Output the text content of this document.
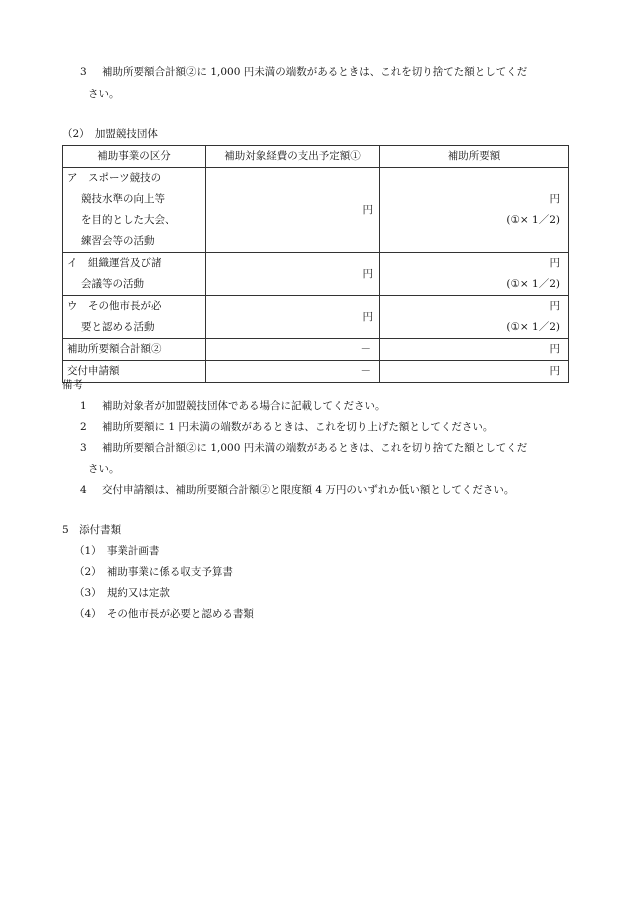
3 補助所要額合計額②に 1,000 円未満の端数があるときは、これを切り捨てた額としてくだ
さい。
（2）　加盟競技団体
補助事業の区分	補助対象経費の支出予定額①	補助所要額

ア　スポーツ競技の
競技水準の向上等
を目的とした大会、
練習会等の活動	円	円
(①× 1／2)

イ　組織運営及び諸
会議等の活動	円	円
(①× 1／2)

ウ　その他市長が必
要と認める活動	円	円
(①× 1／2)

補助所要額合計額②	－	円
交付申請額	－	円
備考
1 補助対象者が加盟競技団体である場合に記載してください。
2 補助所要額に 1 円未満の端数があるときは、これを切り上げた額としてください。
3 補助所要額合計額②に 1,000 円未満の端数があるときは、これを切り捨てた額としてくだ
さい。
4 交付申請額は、補助所要額合計額②と限度額 4 万円のいずれか低い額としてください。
5　添付書類
（1）　事業計画書
（2）　補助事業に係る収支予算書
（3）　規約又は定款
（4）　その他市長が必要と認める書類
